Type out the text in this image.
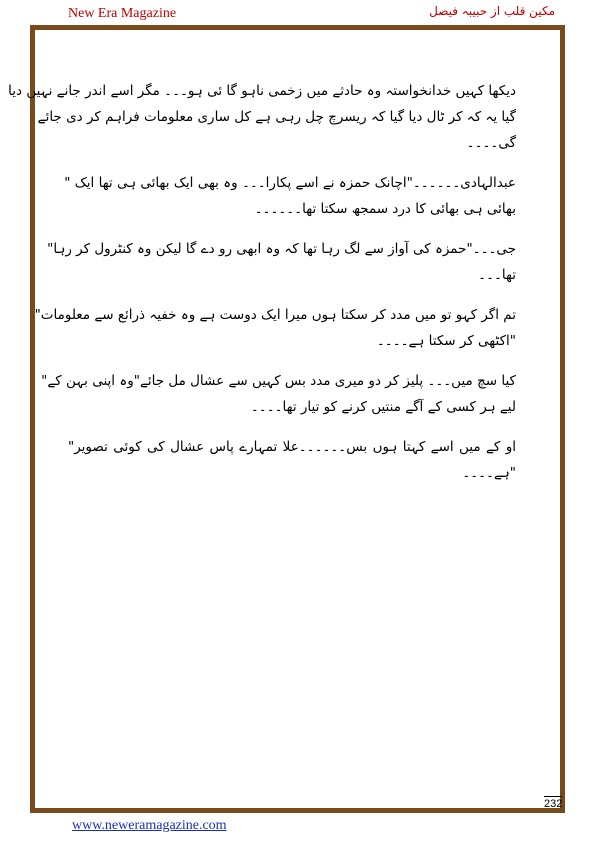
New Era Magazine	مکین قلب از حبیبہ فیصل
دیکھا کہیں خدانخواستہ وہ حادثے میں زخمی ناہو گا ئی ہو۔۔۔ مگر اسے اندر جانے نہیں دیا
گیا یہ کہ کر ٹال دیا گیا کہ ریسرچ چل رہی ہے کل ساری معلومات فراہم کر دی جائے
گی۔۔۔۔
عبدالہادی۔۔۔۔۔۔"اچانک حمزہ نے اسے پکارا۔۔۔ وہ بھی ایک بھائی ہی تھا ایک "
بھائی ہی بھائی کا درد سمجھ سکتا تھا۔۔۔۔۔۔
جی۔۔۔"حمزہ کی آواز سے لگ رہا تھا کہ وہ ابھی رو دے گا لیکن وہ کنٹرول کر رہا"
تھا۔۔۔
تم اگر کہو تو میں مدد کر سکتا ہوں میرا ایک دوست ہے وہ خفیہ ذرائع سے معلومات"
"اکٹھی کر سکتا ہے۔۔۔۔
کیا سچ میں۔۔۔ پلیز کر دو میری مدد بس کہیں سے عشال مل جائے"وہ اپنی بہن کے"
لیے ہر کسی کے آگے منتیں کرنے کو تیار تھا۔۔۔۔
او کے میں اسے کہتا ہوں بس۔۔۔۔۔۔علا تمہارے پاس عشال کی کوئی تصویر"
"ہے۔۔۔۔
232
www.neweramagazine.com
